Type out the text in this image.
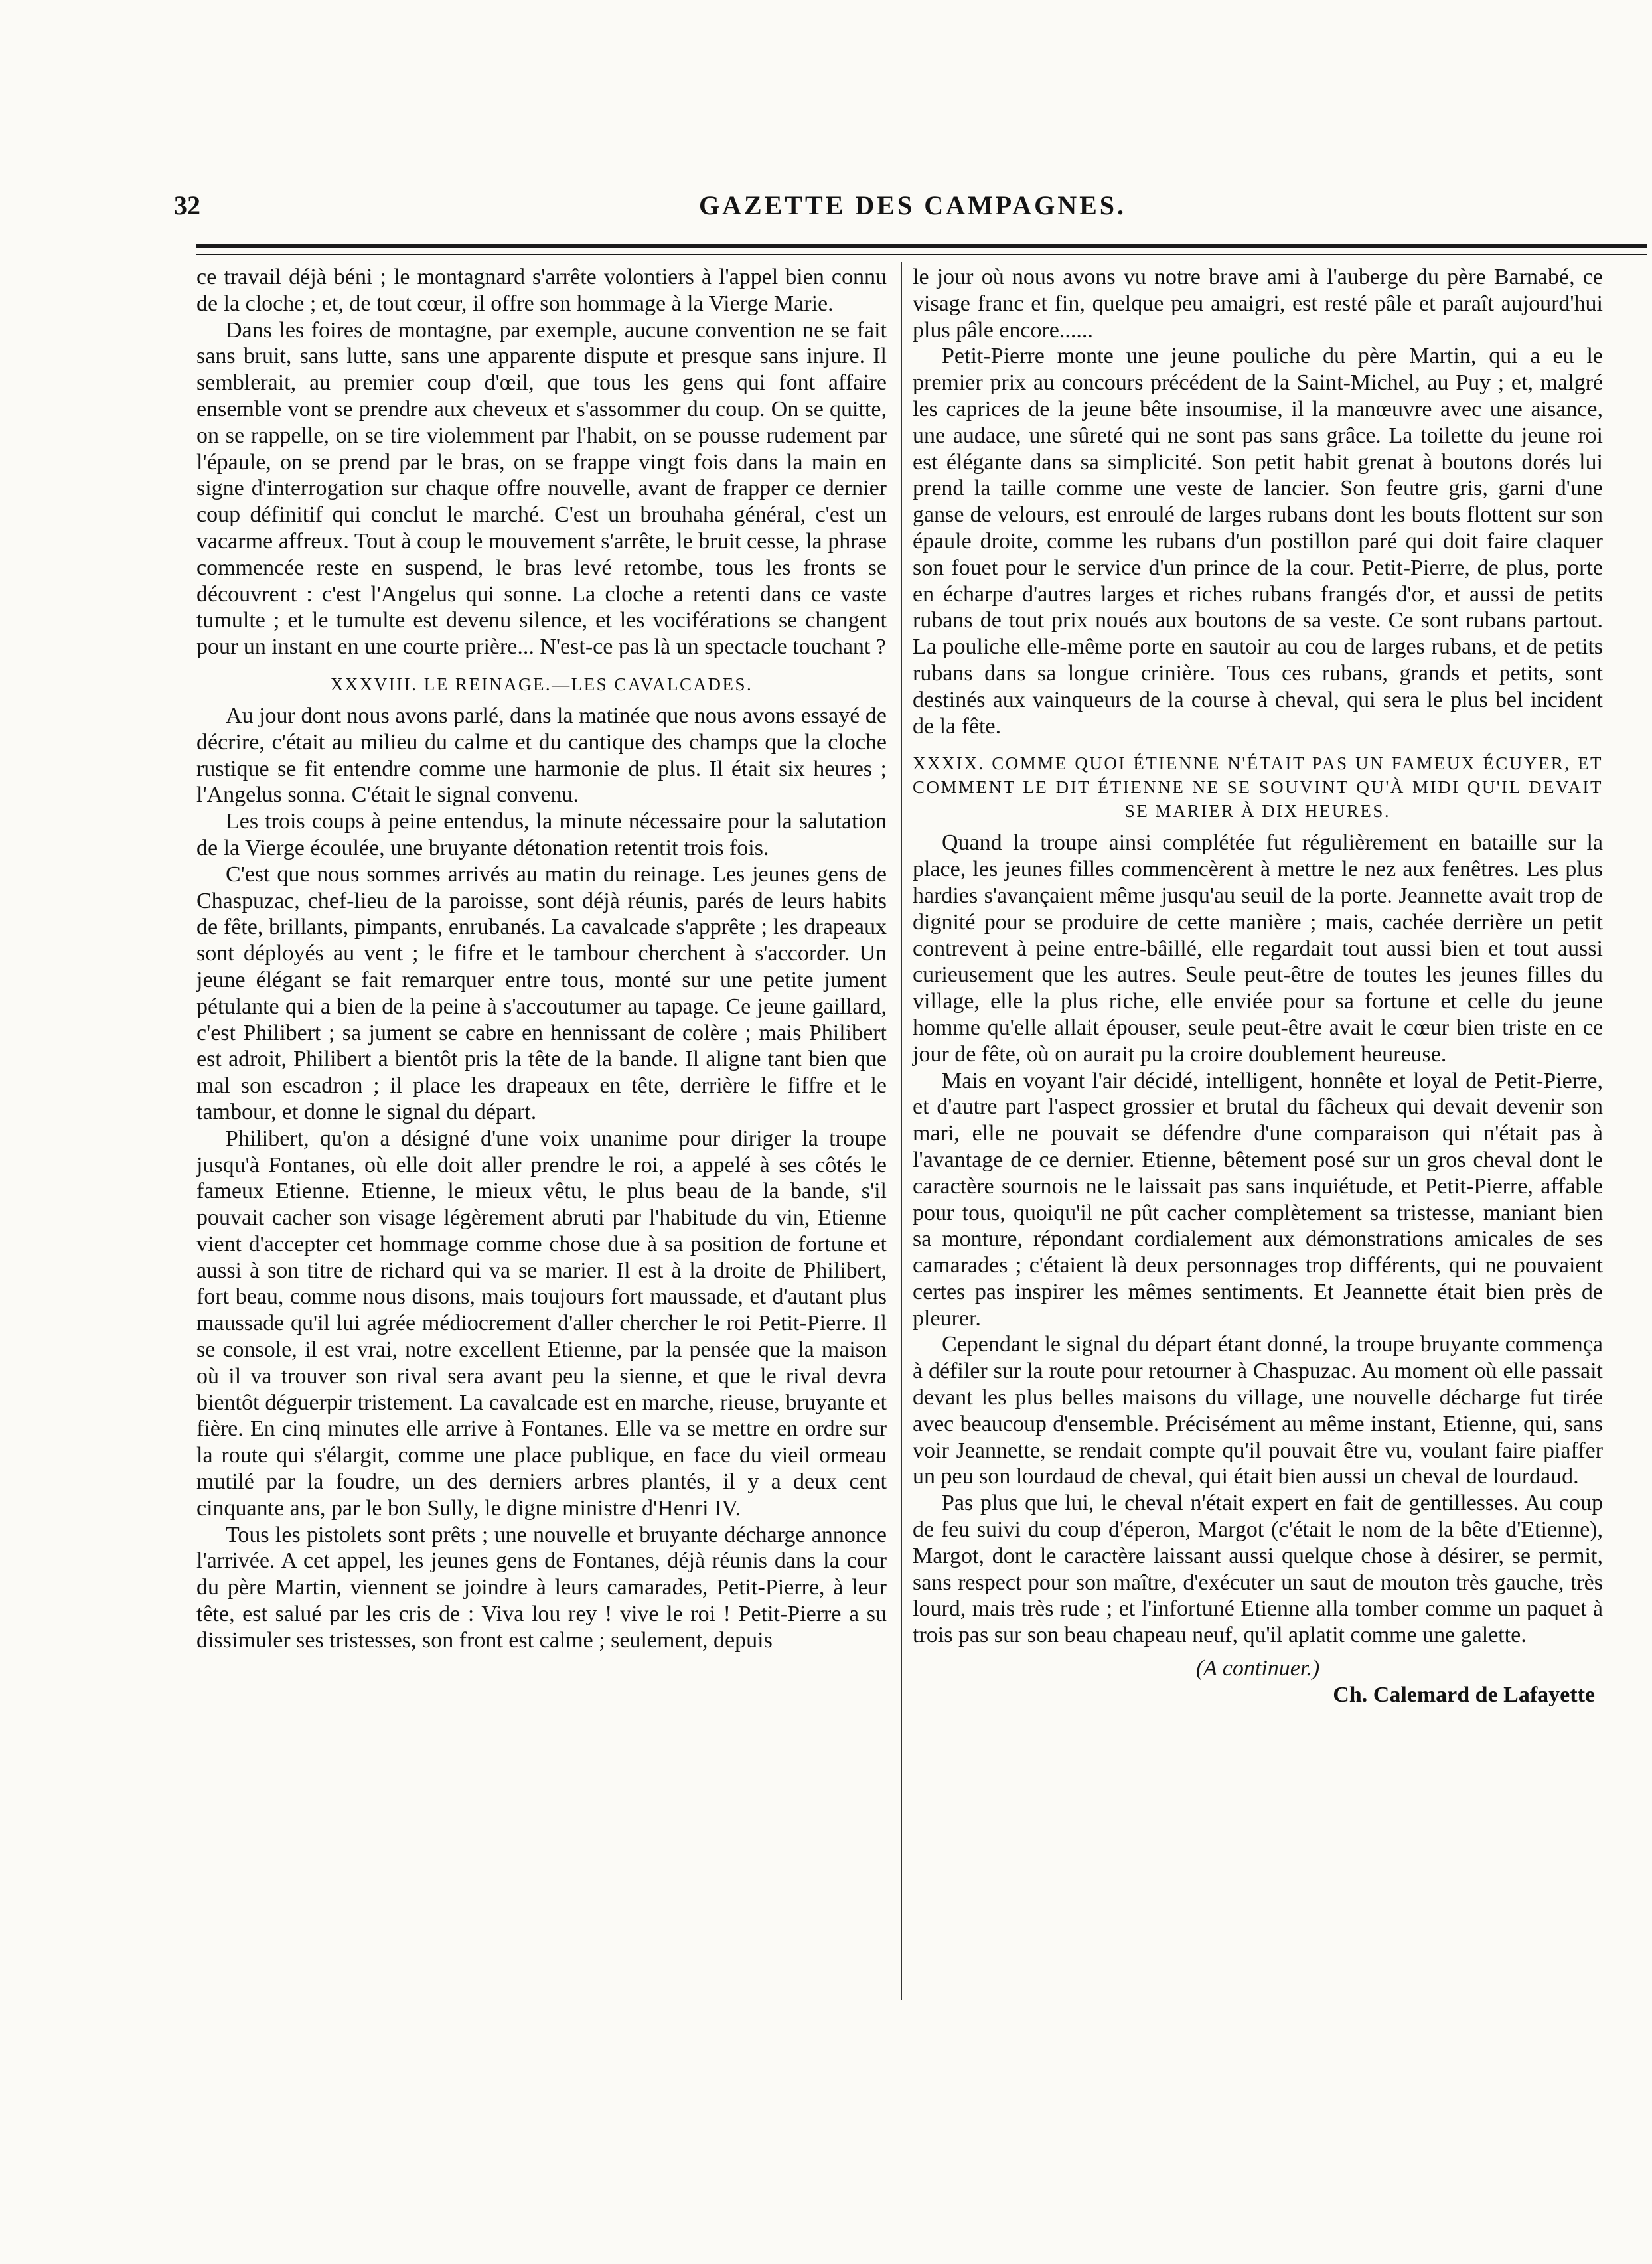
32	GAZETTE DES CAMPAGNES.

ce travail déjà béni ; le montagnard s'arrête volontiers à l'appel bien connu de la cloche ; et, de tout cœur, il offre son hommage à la Vierge Marie.

Dans les foires de montagne, par exemple, aucune convention ne se fait sans bruit, sans lutte, sans une apparente dispute et presque sans injure. Il semblerait, au premier coup d'œil, que tous les gens qui font affaire ensemble vont se prendre aux cheveux et s'assommer du coup. On se quitte, on se rappelle, on se tire violemment par l'habit, on se pousse rudement par l'épaule, on se prend par le bras, on se frappe vingt fois dans la main en signe d'interrogation sur chaque offre nouvelle, avant de frapper ce dernier coup définitif qui conclut le marché. C'est un brouhaha général, c'est un vacarme affreux. Tout à coup le mouvement s'arrête, le bruit cesse, la phrase commencée reste en suspend, le bras levé retombe, tous les fronts se découvrent : c'est l'Angelus qui sonne. La cloche a retenti dans ce vaste tumulte ; et le tumulte est devenu silence, et les vociférations se changent pour un instant en une courte prière... N'est-ce pas là un spectacle touchant ?

XXXVIII. LE REINAGE.—LES CAVALCADES.

Au jour dont nous avons parlé, dans la matinée que nous avons essayé de décrire, c'était au milieu du calme et du cantique des champs que la cloche rustique se fit entendre comme une harmonie de plus. Il était six heures ; l'Angelus sonna. C'était le signal convenu.

Les trois coups à peine entendus, la minute nécessaire pour la salutation de la Vierge écoulée, une bruyante détonation retentit trois fois.

C'est que nous sommes arrivés au matin du reinage. Les jeunes gens de Chaspuzac, chef-lieu de la paroisse, sont déjà réunis, parés de leurs habits de fête, brillants, pimpants, enrubanés. La cavalcade s'apprête ; les drapeaux sont déployés au vent ; le fifre et le tambour cherchent à s'accorder. Un jeune élégant se fait remarquer entre tous, monté sur une petite jument pétulante qui a bien de la peine à s'accoutumer au tapage. Ce jeune gaillard, c'est Philibert ; sa jument se cabre en hennissant de colère ; mais Philibert est adroit, Philibert a bientôt pris la tête de la bande. Il aligne tant bien que mal son escadron ; il place les drapeaux en tête, derrière le fiffre et le tambour, et donne le signal du départ.

Philibert, qu'on a désigné d'une voix unanime pour diriger la troupe jusqu'à Fontanes, où elle doit aller prendre le roi, a appelé à ses côtés le fameux Etienne. Etienne, le mieux vêtu, le plus beau de la bande, s'il pouvait cacher son visage légèrement abruti par l'habitude du vin, Etienne vient d'accepter cet hommage comme chose due à sa position de fortune et aussi à son titre de richard qui va se marier. Il est à la droite de Philibert, fort beau, comme nous disons, mais toujours fort maussade, et d'autant plus maussade qu'il lui agrée médiocrement d'aller chercher le roi Petit-Pierre. Il se console, il est vrai, notre excellent Etienne, par la pensée que la maison où il va trouver son rival sera avant peu la sienne, et que le rival devra bientôt déguerpir tristement. La cavalcade est en marche, rieuse, bruyante et fière. En cinq minutes elle arrive à Fontanes. Elle va se mettre en ordre sur la route qui s'élargit, comme une place publique, en face du vieil ormeau mutilé par la foudre, un des derniers arbres plantés, il y a deux cent cinquante ans, par le bon Sully, le digne ministre d'Henri IV.

Tous les pistolets sont prêts ; une nouvelle et bruyante décharge annonce l'arrivée. A cet appel, les jeunes gens de Fontanes, déjà réunis dans la cour du père Martin, viennent se joindre à leurs camarades, Petit-Pierre, à leur tête, est salué par les cris de : Viva lou rey ! vive le roi ! Petit-Pierre a su dissimuler ses tristesses, son front est calme ; seulement, depuis

le jour où nous avons vu notre brave ami à l'auberge du père Barnabé, ce visage franc et fin, quelque peu amaigri, est resté pâle et paraît aujourd'hui plus pâle encore......

Petit-Pierre monte une jeune pouliche du père Martin, qui a eu le premier prix au concours précédent de la Saint-Michel, au Puy ; et, malgré les caprices de la jeune bête insoumise, il la manœuvre avec une aisance, une audace, une sûreté qui ne sont pas sans grâce. La toilette du jeune roi est élégante dans sa simplicité. Son petit habit grenat à boutons dorés lui prend la taille comme une veste de lancier. Son feutre gris, garni d'une ganse de velours, est enroulé de larges rubans dont les bouts flottent sur son épaule droite, comme les rubans d'un postillon paré qui doit faire claquer son fouet pour le service d'un prince de la cour. Petit-Pierre, de plus, porte en écharpe d'autres larges et riches rubans frangés d'or, et aussi de petits rubans de tout prix noués aux boutons de sa veste. Ce sont rubans partout. La pouliche elle-même porte en sautoir au cou de larges rubans, et de petits rubans dans sa longue crinière. Tous ces rubans, grands et petits, sont destinés aux vainqueurs de la course à cheval, qui sera le plus bel incident de la fête.

XXXIX. COMME QUOI ÉTIENNE N'ÉTAIT PAS UN FAMEUX ÉCUYER, ET COMMENT LE DIT ÉTIENNE NE SE SOUVINT QU'À MIDI QU'IL DEVAIT SE MARIER À DIX HEURES.

Quand la troupe ainsi complétée fut régulièrement en bataille sur la place, les jeunes filles commencèrent à mettre le nez aux fenêtres. Les plus hardies s'avançaient même jusqu'au seuil de la porte. Jeannette avait trop de dignité pour se produire de cette manière ; mais, cachée derrière un petit contrevent à peine entre-bâillé, elle regardait tout aussi bien et tout aussi curieusement que les autres. Seule peut-être de toutes les jeunes filles du village, elle la plus riche, elle enviée pour sa fortune et celle du jeune homme qu'elle allait épouser, seule peut-être avait le cœur bien triste en ce jour de fête, où on aurait pu la croire doublement heureuse.

Mais en voyant l'air décidé, intelligent, honnête et loyal de Petit-Pierre, et d'autre part l'aspect grossier et brutal du fâcheux qui devait devenir son mari, elle ne pouvait se défendre d'une comparaison qui n'était pas à l'avantage de ce dernier. Etienne, bêtement posé sur un gros cheval dont le caractère sournois ne le laissait pas sans inquiétude, et Petit-Pierre, affable pour tous, quoiqu'il ne pût cacher complètement sa tristesse, maniant bien sa monture, répondant cordialement aux démonstrations amicales de ses camarades ; c'étaient là deux personnages trop différents, qui ne pouvaient certes pas inspirer les mêmes sentiments. Et Jeannette était bien près de pleurer.

Cependant le signal du départ étant donné, la troupe bruyante commença à défiler sur la route pour retourner à Chaspuzac. Au moment où elle passait devant les plus belles maisons du village, une nouvelle décharge fut tirée avec beaucoup d'ensemble. Précisément au même instant, Etienne, qui, sans voir Jeannette, se rendait compte qu'il pouvait être vu, voulant faire piaffer un peu son lourdaud de cheval, qui était bien aussi un cheval de lourdaud.

Pas plus que lui, le cheval n'était expert en fait de gentillesses. Au coup de feu suivi du coup d'éperon, Margot (c'était le nom de la bête d'Etienne), Margot, dont le caractère laissant aussi quelque chose à désirer, se permit, sans respect pour son maître, d'exécuter un saut de mouton très gauche, très lourd, mais très rude ; et l'infortuné Etienne alla tomber comme un paquet à trois pas sur son beau chapeau neuf, qu'il aplatit comme une galette.

(A continuer.)
Ch. Calemard de Lafayette
